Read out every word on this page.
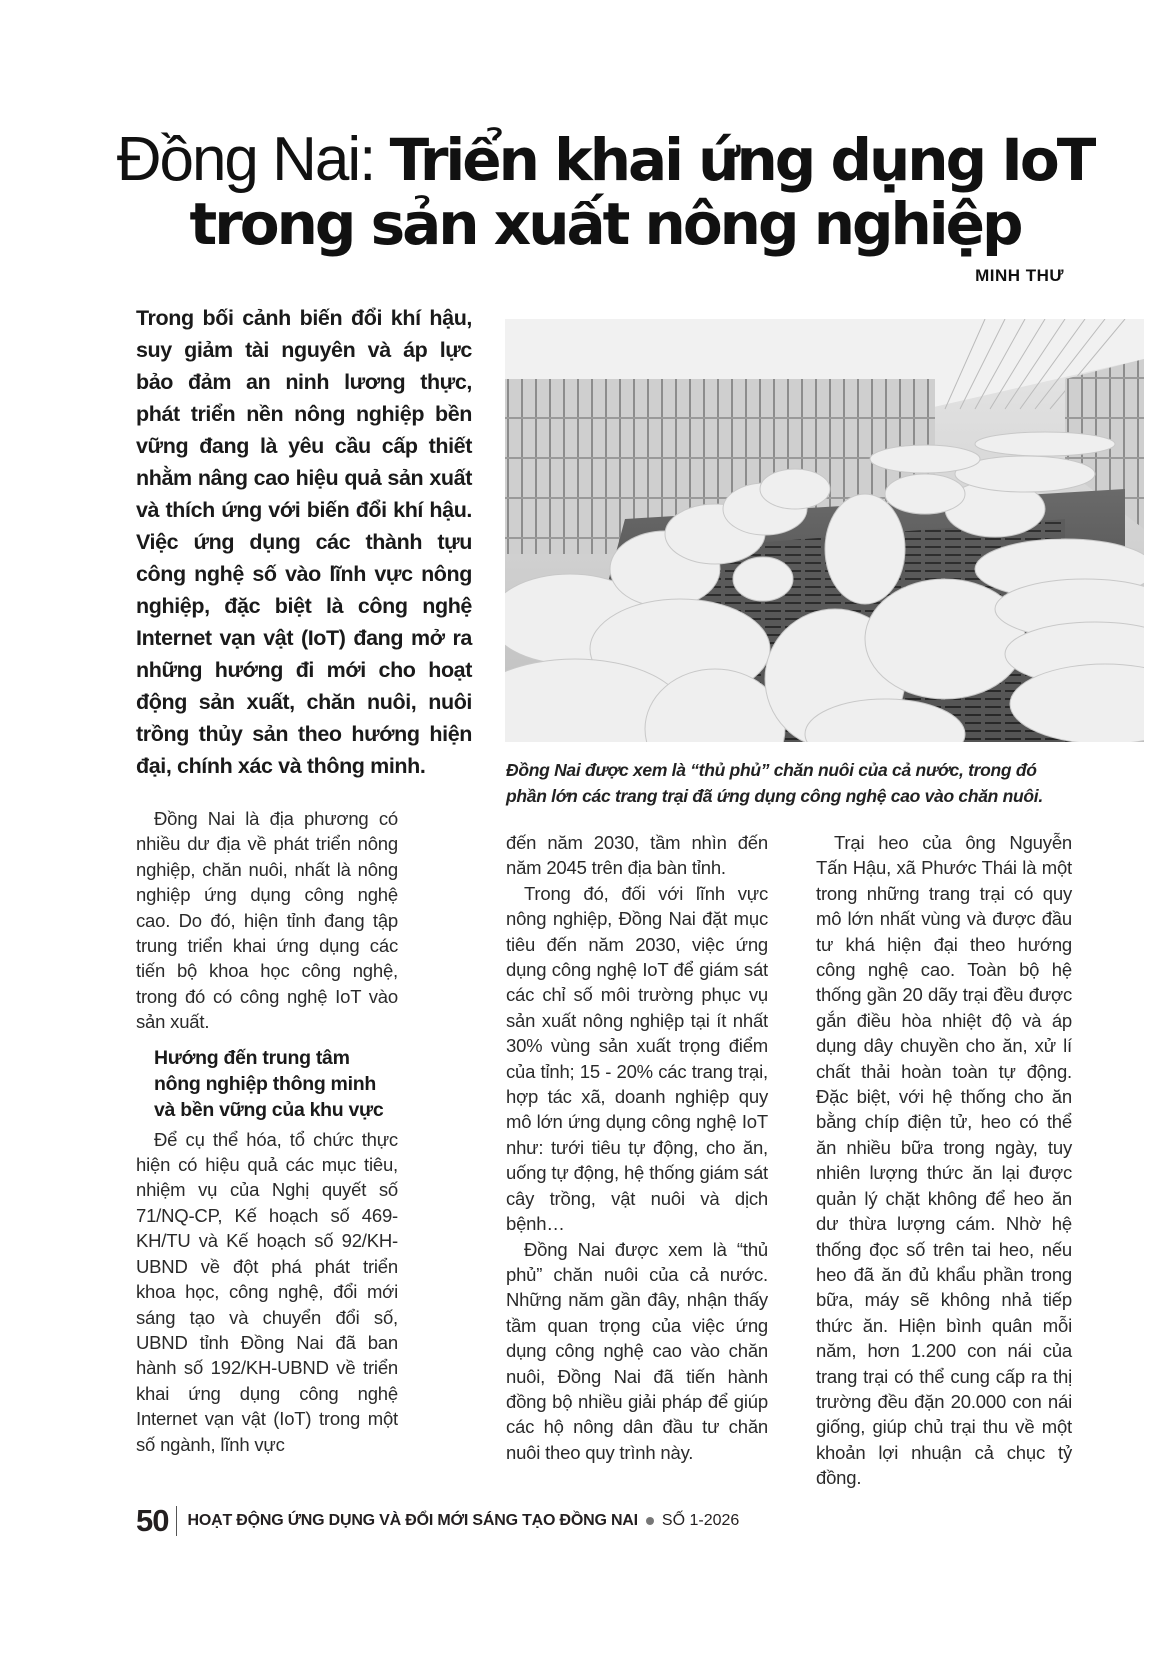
Đồng Nai: Triển khai ứng dụng IoT
trong sản xuất nông nghiệp
MINH THƯ
Trong bối cảnh biến đổi khí hậu, suy giảm tài nguyên và áp lực bảo đảm an ninh lương thực, phát triển nền nông nghiệp bền vững đang là yêu cầu cấp thiết nhằm nâng cao hiệu quả sản xuất và thích ứng với biến đổi khí hậu. Việc ứng dụng các thành tựu công nghệ số vào lĩnh vực nông nghiệp, đặc biệt là công nghệ Internet vạn vật (IoT) đang mở ra những hướng đi mới cho hoạt động sản xuất, chăn nuôi, nuôi trồng thủy sản theo hướng hiện đại, chính xác và thông minh.	Đồng Nai được xem là “thủ phủ” chăn nuôi của cả nước, trong đó phần lớn các trang trại đã ứng dụng công nghệ cao vào chăn nuôi.

Đồng Nai là địa phương có nhiều dư địa về phát triển nông nghiệp, chăn nuôi, nhất là nông nghiệp ứng dụng công nghệ cao. Do đó, hiện tỉnh đang tập trung triển khai ứng dụng các tiến bộ khoa học công nghệ, trong đó có công nghệ IoT vào sản xuất.

Hướng đến trung tâm nông nghiệp thông minh và bền vững của khu vực

Để cụ thể hóa, tổ chức thực hiện có hiệu quả các mục tiêu, nhiệm vụ của Nghị quyết số 71/NQ-CP, Kế hoạch số 469-KH/TU và Kế hoạch số 92/KH-UBND về đột phá phát triển khoa học, công nghệ, đổi mới sáng tạo và chuyển đổi số, UBND tỉnh Đồng Nai đã ban hành số 192/KH-UBND về triển khai ứng dụng công nghệ Internet vạn vật (IoT) trong một số ngành, lĩnh vực

đến năm 2030, tầm nhìn đến năm 2045 trên địa bàn tỉnh.

Trong đó, đối với lĩnh vực nông nghiệp, Đồng Nai đặt mục tiêu đến năm 2030, việc ứng dụng công nghệ IoT để giám sát các chỉ số môi trường phục vụ sản xuất nông nghiệp tại ít nhất 30% vùng sản xuất trọng điểm của tỉnh; 15 - 20% các trang trại, hợp tác xã, doanh nghiệp quy mô lớn ứng dụng công nghệ IoT như: tưới tiêu tự động, cho ăn, uống tự động, hệ thống giám sát cây trồng, vật nuôi và dịch bệnh…

Đồng Nai được xem là “thủ phủ” chăn nuôi của cả nước. Những năm gần đây, nhận thấy tầm quan trọng của việc ứng dụng công nghệ cao vào chăn nuôi, Đồng Nai đã tiến hành đồng bộ nhiều giải pháp để giúp các hộ nông dân đầu tư chăn nuôi theo quy trình này.

Trại heo của ông Nguyễn Tấn Hậu, xã Phước Thái là một trong những trang trại có quy mô lớn nhất vùng và được đầu tư khá hiện đại theo hướng công nghệ cao. Toàn bộ hệ thống gần 20 dãy trại đều được gắn điều hòa nhiệt độ và áp dụng dây chuyền cho ăn, xử lí chất thải hoàn toàn tự động. Đặc biệt, với hệ thống cho ăn bằng chíp điện tử, heo có thể ăn nhiều bữa trong ngày, tuy nhiên lượng thức ăn lại được quản lý chặt không để heo ăn dư thừa lượng cám. Nhờ hệ thống đọc số trên tai heo, nếu heo đã ăn đủ khẩu phần trong bữa, máy sẽ không nhả tiếp thức ăn. Hiện bình quân mỗi năm, hơn 1.200 con nái của trang trại có thể cung cấp ra thị trường đều đặn 20.000 con nái giống, giúp chủ trại thu về một khoản lợi nhuận cả chục tỷ đồng.

50 HOẠT ĐỘNG ỨNG DỤNG VÀ ĐỔI MỚI SÁNG TẠO ĐỒNG NAI SỐ 1-2026
